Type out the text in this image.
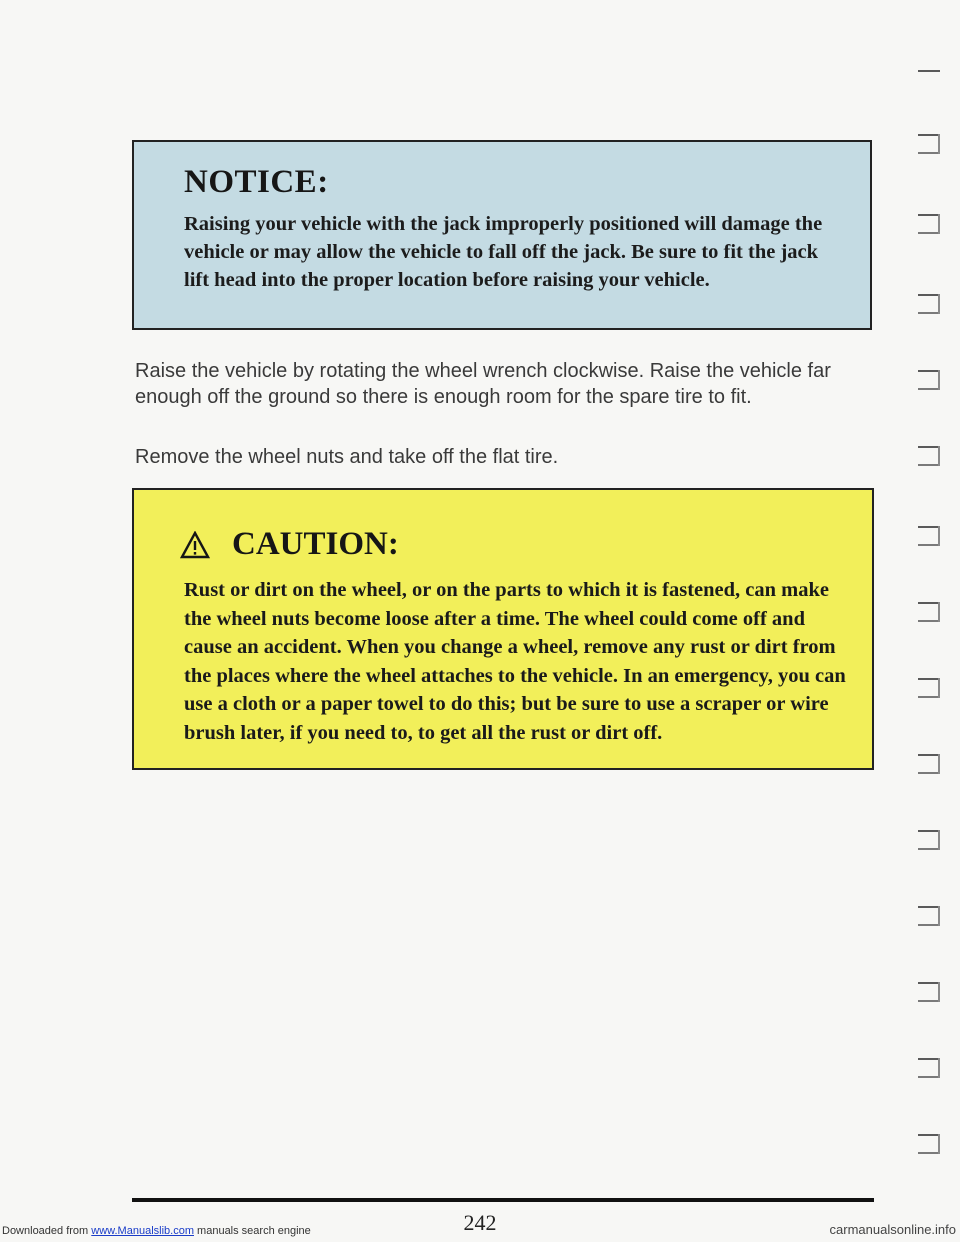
NOTICE:
Raising your vehicle with the jack improperly positioned will damage the vehicle or may allow the vehicle to fall off the jack. Be sure to fit the jack lift head into the proper location before raising your vehicle.
Raise the vehicle by rotating the wheel wrench clockwise. Raise the vehicle far enough off the ground so there is enough room for the spare tire to fit.
Remove the wheel nuts and take off the flat tire.
CAUTION:
Rust or dirt on the wheel, or on the parts to which it is fastened, can make the wheel nuts become loose after a time. The wheel could come off and cause an accident. When you change a wheel, remove any rust or dirt from the places where the wheel attaches to the vehicle. In an emergency, you can use a cloth or a paper towel to do this; but be sure to use a scraper or wire brush later, if you need to, to get all the rust or dirt off.
242
Downloaded from www.Manualslib.com manuals search engine	carmanualsonline.info
